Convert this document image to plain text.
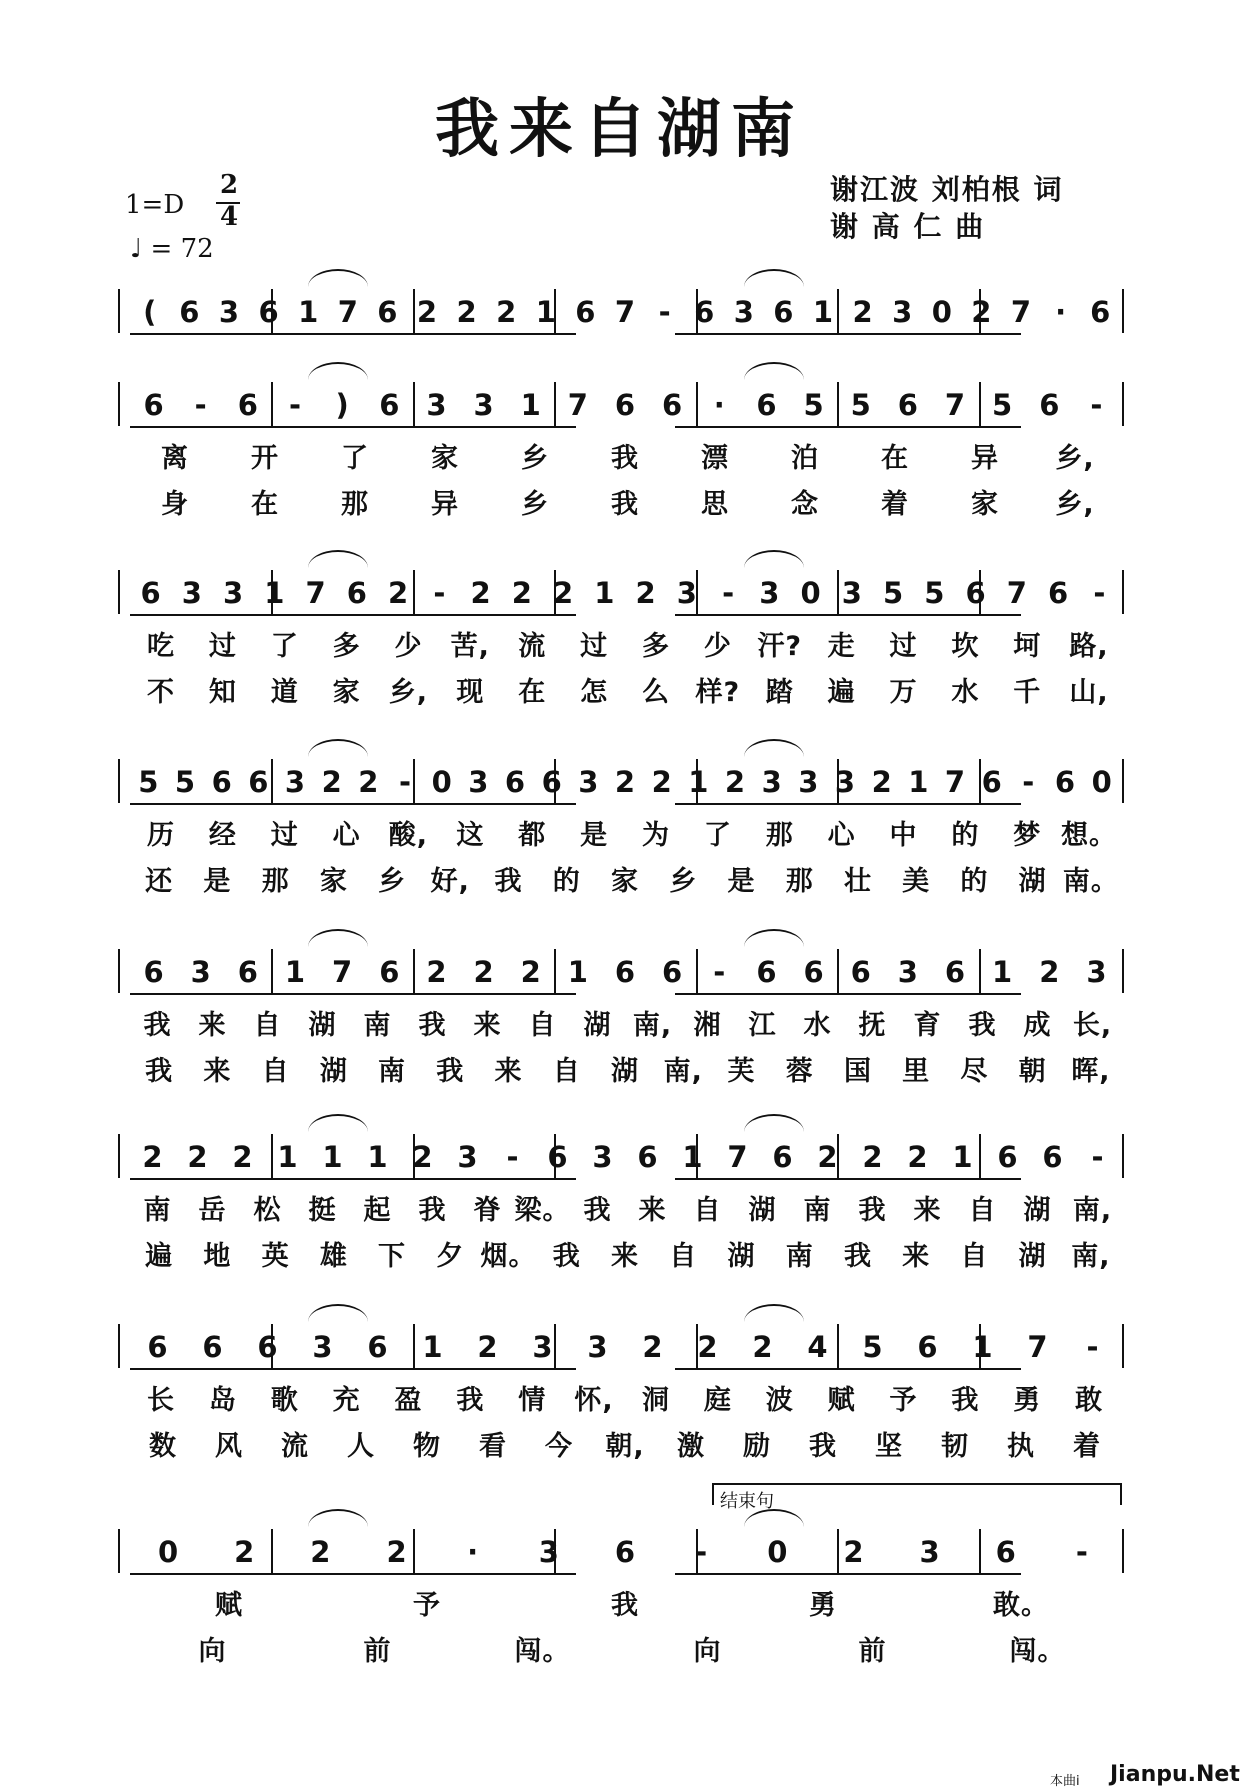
我来自湖南
谢江波 刘柏根 词
谢 高 仁 曲
1=D
2
4
♩ = 72
( 6 3 6 1 7 6 2 2 2 1 6 7 - 6 3 6 1 2 3 0 2 7 · 6
6 - 6 - ) 6 3 3 1 7 6 6 · 6 5 5 6 7 5 6 -
离 开 了 家 乡 我 漂 泊 在 异 乡,
身 在 那 异 乡 我 思 念 着 家 乡,
6 3 3 1 7 6 2 - 2 2 2 1 2 3 - 3 0 3 5 5 6 7 6 -
吃 过 了 多 少 苦, 流 过 多 少 汗? 走 过 坎 坷 路,
不 知 道 家 乡, 现 在 怎 么 样? 踏 遍 万 水 千 山,
5 5 6 6 3 2 2 - 0 3 6 6 3 2 2 1 2 3 3 3 2 1 7 6 - 6 0
历 经 过 心 酸, 这 都 是 为 了 那 心 中 的 梦 想。
还 是 那 家 乡 好, 我 的 家 乡 是 那 壮 美 的 湖 南。
6 3 6 1 7 6 2 2 2 1 6 6 - 6 6 6 3 6 1 2 3
我 来 自 湖 南 我 来 自 湖 南, 湘 江 水 抚 育 我 成 长,
我 来 自 湖 南 我 来 自 湖 南, 芙 蓉 国 里 尽 朝 晖,
2 2 2 1 1 1 2 3 - 6 3 6 1 7 6 2 2 2 1 6 6 -
南 岳 松 挺 起 我 脊 梁。 我 来 自 湖 南 我 来 自 湖 南,
遍 地 英 雄 下 夕 烟。 我 来 自 湖 南 我 来 自 湖 南,
6 6 6 3 6 1 2 3 3 2 2 2 4 5 6 1 7 -
长 岛 歌 充 盈 我 情 怀, 洞 庭 波 赋 予 我 勇 敢
数 风 流 人 物 看 今 朝, 激 励 我 坚 韧 执 着
0 2 2 2 · 3 6 - 0 2 3 6 -
赋	予	我	勇	敢。
向	前	闯。	向	前	闯。
结束句
本曲i Jianpu.Net
